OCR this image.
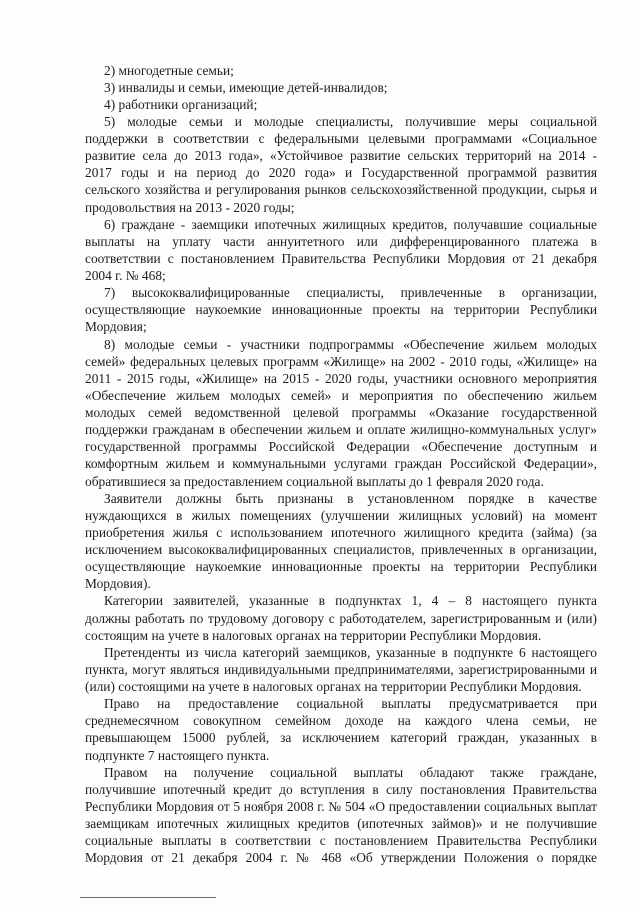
2) многодетные семьи;
3) инвалиды и семьи, имеющие детей-инвалидов;
4) работники организаций;
5) молодые семьи и молодые специалисты, получившие меры социальной
поддержки в соответствии с федеральными целевыми программами «Социальное
развитие села до 2013 года», «Устойчивое развитие сельских территорий на 2014 -
2017 годы и на период до 2020 года» и Государственной программой развития
сельского хозяйства и регулирования рынков сельскохозяйственной продукции, сырья и
продовольствия на 2013 - 2020 годы;
6) граждане - заемщики ипотечных жилищных кредитов, получавшие социальные
выплаты на уплату части аннуитетного или дифференцированного платежа в
соответствии с постановлением Правительства Республики Мордовия от 21 декабря
2004 г. № 468;
7) высококвалифицированные специалисты, привлеченные в организации,
осуществляющие наукоемкие инновационные проекты на территории Республики
Мордовия;
8) молодые семьи - участники подпрограммы «Обеспечение жильем молодых
семей» федеральных целевых программ «Жилище» на 2002 - 2010 годы, «Жилище» на
2011 - 2015 годы, «Жилище» на 2015 - 2020 годы, участники основного мероприятия
«Обеспечение жильем молодых семей» и мероприятия по обеспечению жильем
молодых семей ведомственной целевой программы «Оказание государственной
поддержки гражданам в обеспечении жильем и оплате жилищно-коммунальных услуг»
государственной программы Российской Федерации «Обеспечение доступным и
комфортным жильем и коммунальными услугами граждан Российской Федерации»,
обратившиеся за предоставлением социальной выплаты до 1 февраля 2020 года.
Заявители должны быть признаны в установленном порядке в качестве
нуждающихся в жилых помещениях (улучшении жилищных условий) на момент
приобретения жилья с использованием ипотечного жилищного кредита (займа) (за
исключением высококвалифицированных специалистов, привлеченных в организации,
осуществляющие наукоемкие инновационные проекты на территории Республики
Мордовия).
Категории заявителей, указанные в подпунктах 1, 4 – 8 настоящего пункта
должны работать по трудовому договору с работодателем, зарегистрированным и (или)
состоящим на учете в налоговых органах на территории Республики Мордовия.
Претенденты из числа категорий заемщиков, указанные в подпункте 6 настоящего
пункта, могут являться индивидуальными предпринимателями, зарегистрированными и
(или) состоящими на учете в налоговых органах на территории Республики Мордовия.
Право на предоставление социальной выплаты предусматривается при
среднемесячном совокупном семейном доходе на каждого члена семьи, не
превышающем 15000 рублей, за исключением категорий граждан, указанных в
подпункте 7 настоящего пункта.
Правом на получение социальной выплаты обладают также граждане,
получившие ипотечный кредит до вступления в силу постановления Правительства
Республики Мордовия от 5 ноября 2008 г. № 504 «О предоставлении социальных выплат
заемщикам ипотечных жилищных кредитов (ипотечных займов)» и не получившие
социальные выплаты в соответствии с постановлением Правительства Республики
Мордовия от 21 декабря 2004 г. № 468 «Об утверждении Положения о порядке
